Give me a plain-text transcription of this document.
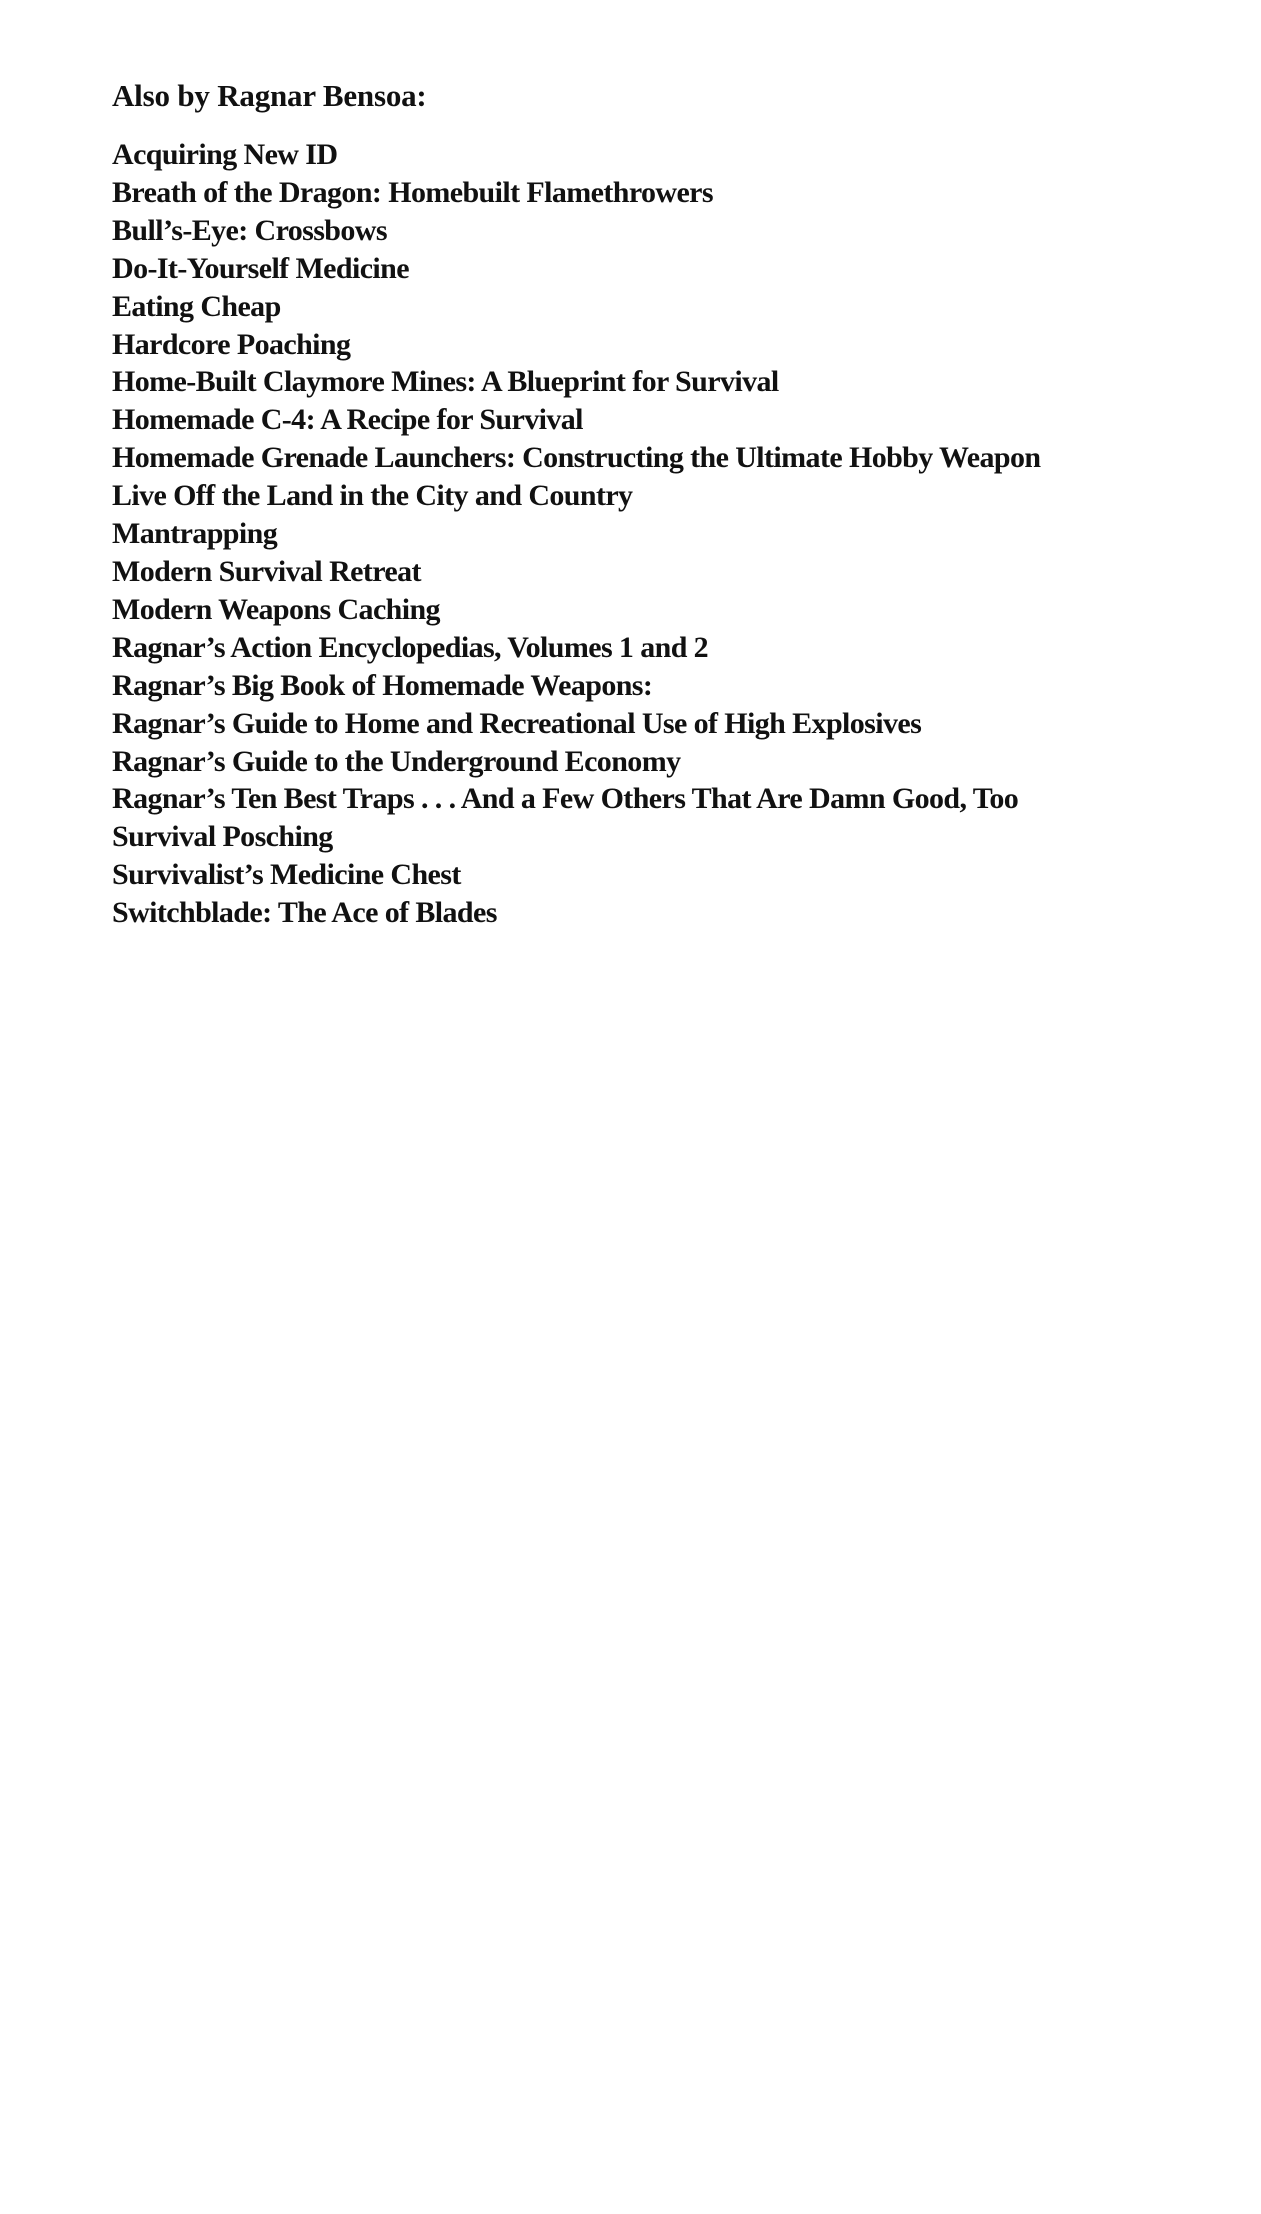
Also by Ragnar Bensoa:
Acquiring New ID
Breath of the Dragon: Homebuilt Flamethrowers
Bull’s-Eye: Crossbows
Do-It-Yourself Medicine
Eating Cheap
Hardcore Poaching
Home-Built Claymore Mines: A Blueprint for Survival
Homemade C-4: A Recipe for Survival
Homemade Grenade Launchers: Constructing the Ultimate Hobby Weapon
Live Off the Land in the City and Country
Mantrapping
Modern Survival Retreat
Modern Weapons Caching
Ragnar’s Action Encyclopedias, Volumes 1 and 2
Ragnar’s Big Book of Homemade Weapons:
Ragnar’s Guide to Home and Recreational Use of High Explosives
Ragnar’s Guide to the Underground Economy
Ragnar’s Ten Best Traps . . . And a Few Others That Are Damn Good, Too
Survival Posching
Survivalist’s Medicine Chest
Switchblade: The Ace of Blades
